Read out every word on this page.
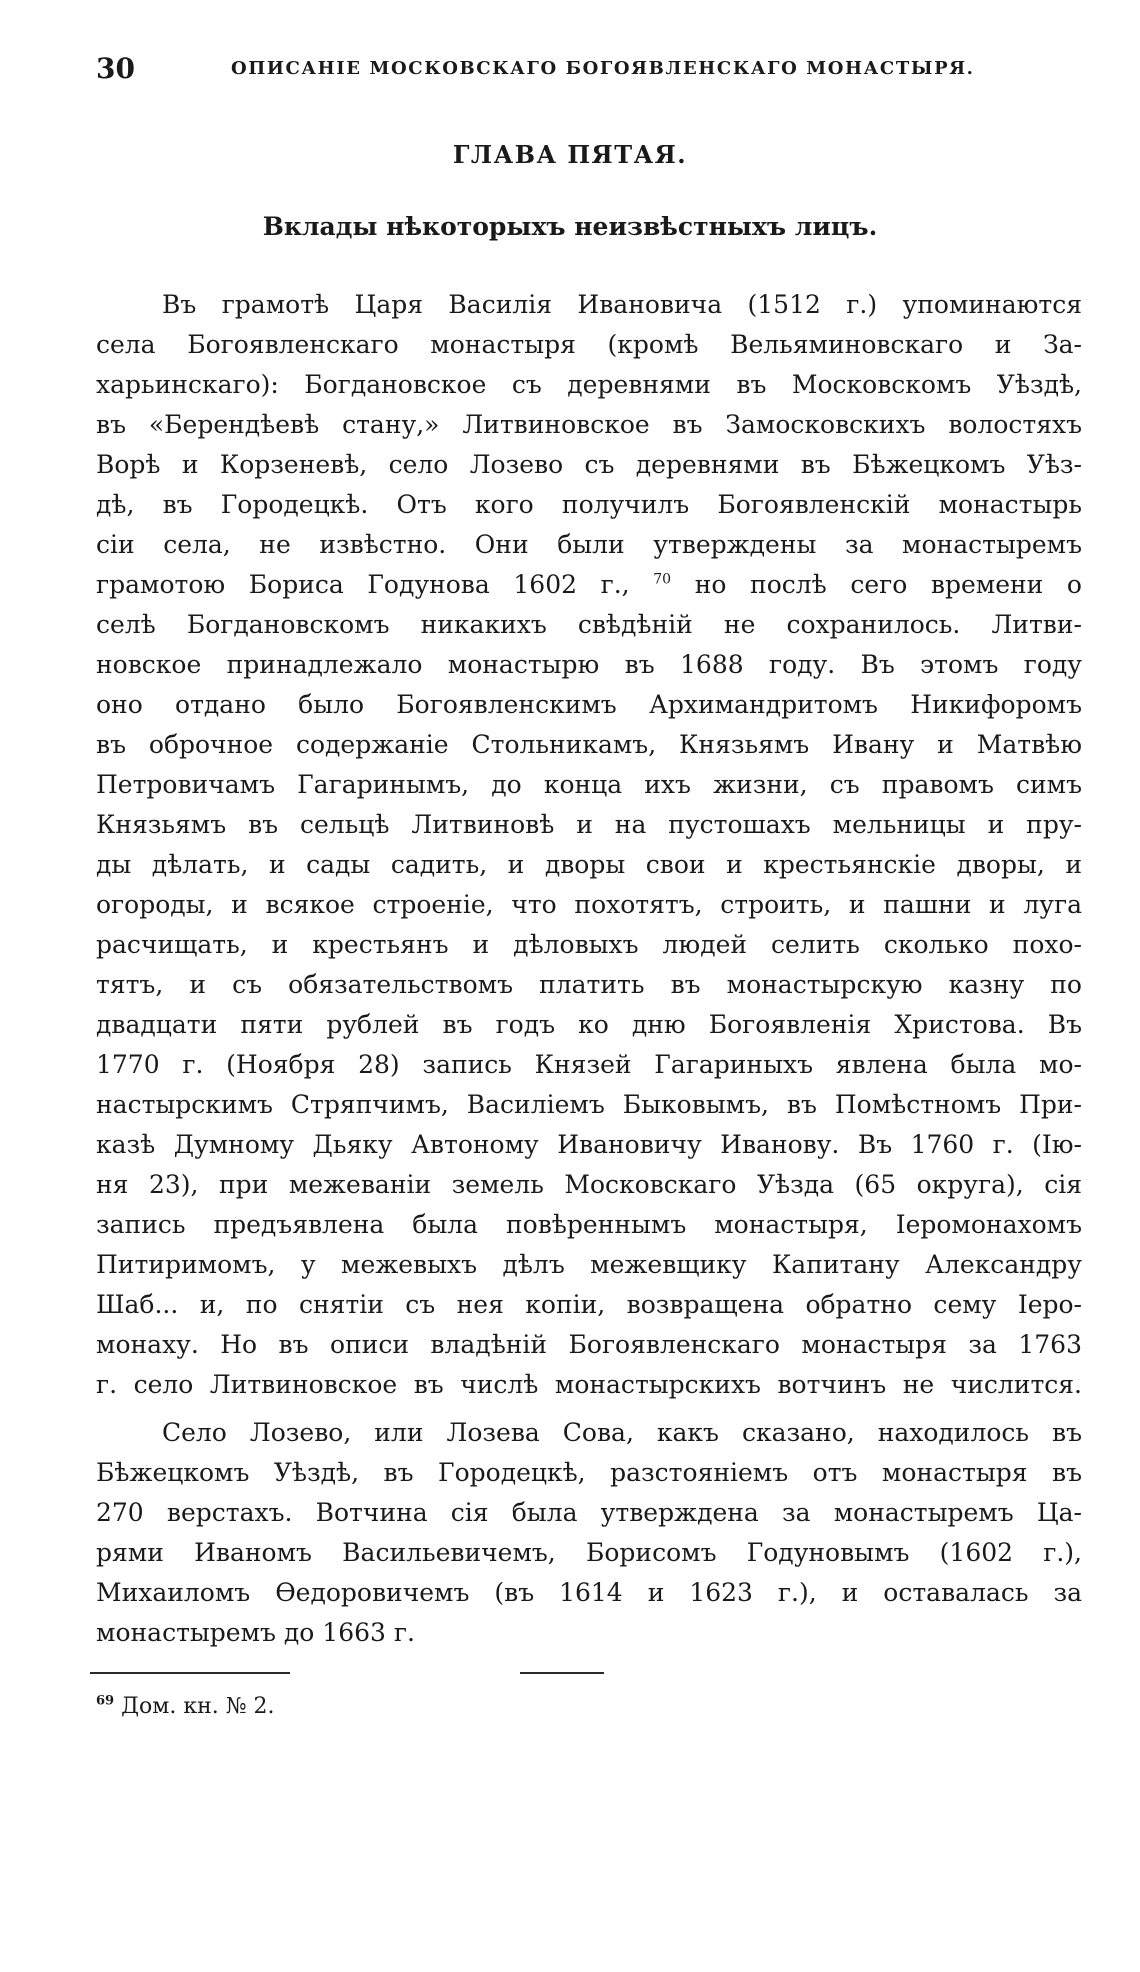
30	ОПИСАНІЕ МОСКОВСКАГО БОГОЯВЛЕНСКАГО МОНАСТЫРЯ.
ГЛАВА ПЯТАЯ.
Вклады нѣкоторыхъ неизвѣстныхъ лицъ.
Въ грамотѣ Царя Василія Ивановича (1512 г.) упоминаются
села Богоявленскаго монастыря (кромѣ Вельяминовскаго и За-
харьинскаго): Богдановское съ деревнями въ Московскомъ Уѣздѣ,
въ «Берендѣевѣ стану,» Литвиновское въ Замосковскихъ волостяхъ
Ворѣ и Корзеневѣ, село Лозево съ деревнями въ Бѣжецкомъ Уѣз-
дѣ, въ Городецкѣ. Отъ кого получилъ Богоявленскій монастырь
сіи села, не извѣстно. Они были утверждены за монастыремъ
грамотою Бориса Годунова 1602 г., $^{70}$ но послѣ сего времени о
селѣ Богдановскомъ никакихъ свѣдѣній не сохранилось. Литви-
новское принадлежало монастырю въ 1688 году. Въ этомъ году
оно отдано было Богоявленскимъ Архимандритомъ Никифоромъ
въ оброчное содержаніе Стольникамъ, Князьямъ Ивану и Матвѣю
Петровичамъ Гагаринымъ, до конца ихъ жизни, съ правомъ симъ
Князьямъ въ сельцѣ Литвиновѣ и на пустошахъ мельницы и пру-
ды дѣлать, и сады садить, и дворы свои и крестьянскіе дворы, и
огороды, и всякое строеніе, что похотятъ, строить, и пашни и луга
расчищать, и крестьянъ и дѣловыхъ людей селить сколько похо-
тятъ, и съ обязательствомъ платить въ монастырскую казну по
двадцати пяти рублей въ годъ ко дню Богоявленія Христова. Въ
1770 г. (Ноября 28) запись Князей Гагариныхъ явлена была мо-
настырскимъ Стряпчимъ, Василіемъ Быковымъ, въ Помѣстномъ При-
казѣ Думному Дьяку Автоному Ивановичу Иванову. Въ 1760 г. (Ію-
ня 23), при межеваніи земель Московскаго Уѣзда (65 округа), сія
запись предъявлена была повѣреннымъ монастыря, Іеромонахомъ
Питиримомъ, у межевыхъ дѣлъ межевщику Капитану Александру
Шаб... и, по снятіи съ нея копіи, возвращена обратно сему Іеро-
монаху. Но въ описи владѣній Богоявленскаго монастыря за 1763
г. село Литвиновское въ числѣ монастырскихъ вотчинъ не числится.
Село Лозево, или Лозева Сова, какъ сказано, находилось въ
Бѣжецкомъ Уѣздѣ, въ Городецкѣ, разстояніемъ отъ монастыря въ
270 верстахъ. Вотчина сія была утверждена за монастыремъ Ца-
рями Иваномъ Васильевичемъ, Борисомъ Годуновымъ (1602 г.),
Михаиломъ Ѳедоровичемъ (въ 1614 и 1623 г.), и оставалась за
монастыремъ до 1663 г.
$^{69}$ Дом. кн. № 2.
